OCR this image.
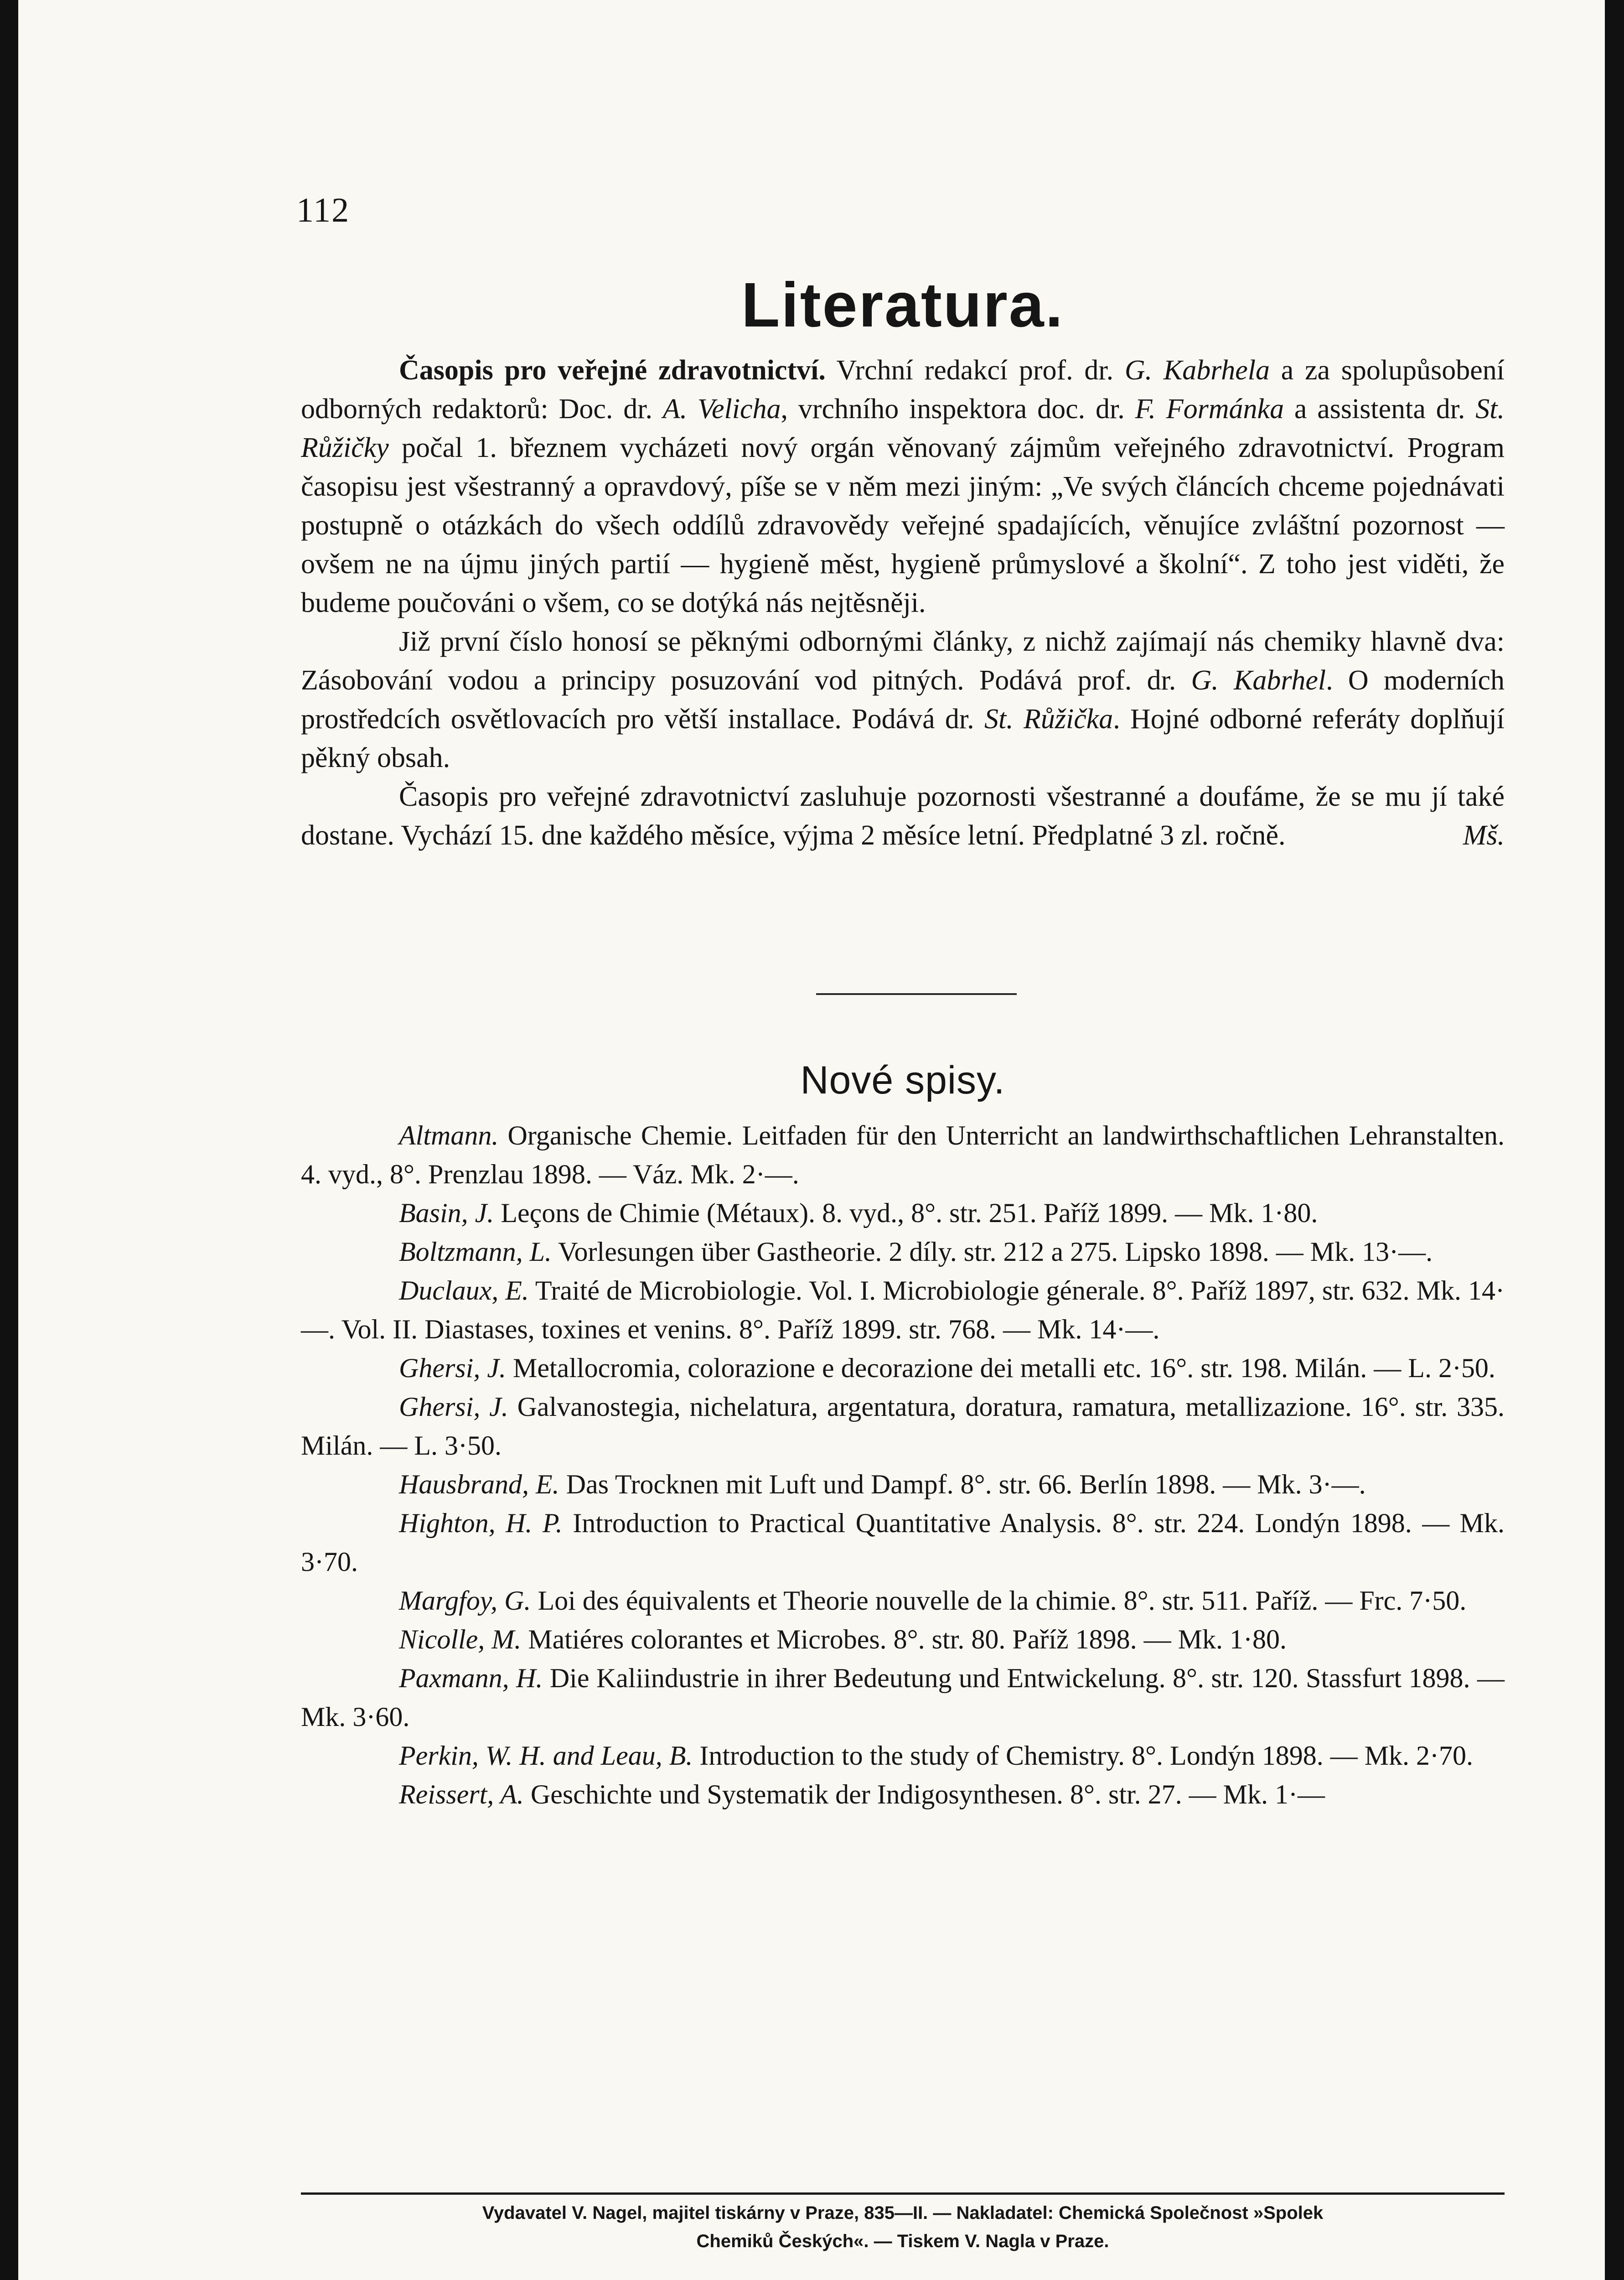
112
Literatura.

Časopis pro veřejné zdravotnictví. Vrchní redakcí prof. dr. G. Kabrhela a za spolupůsobení odborných redaktorů: Doc. dr. A. Velicha, vrchního inspektora doc. dr. F. Formánka a assistenta dr. St. Růžičky počal 1. březnem vycházeti nový orgán věnovaný zájmům veřejného zdravotnictví. Program časopisu jest všestranný a opravdový, píše se v něm mezi jiným: „Ve svých článcích chceme pojednávati postupně o otázkách do všech oddílů zdravovědy veřejné spadajících, věnujíce zvláštní pozornost — ovšem ne na újmu jiných partií — hygieně měst, hygieně průmyslové a školní“. Z toho jest viděti, že budeme poučováni o všem, co se dotýká nás nejtěsněji.

Již první číslo honosí se pěknými odbornými články, z nichž zajímají nás chemiky hlavně dva: Zásobování vodou a principy posuzování vod pitných. Podává prof. dr. G. Kabrhel. O moderních prostředcích osvětlovacích pro větší installace. Podává dr. St. Růžička. Hojné odborné referáty doplňují pěkný obsah.

Časopis pro veřejné zdravotnictví zasluhuje pozornosti všestranné a doufáme, že se mu jí také dostane. Vychází 15. dne každého měsíce, výjma 2 měsíce letní. Předplatné 3 zl. ročně.	Mš.

Nové spisy.

Altmann. Organische Chemie. Leitfaden für den Unterricht an landwirthschaftlichen Lehranstalten. 4. vyd., 8°. Prenzlau 1898. — Váz. Mk. 2·—.

Basin, J. Leçons de Chimie (Métaux). 8. vyd., 8°. str. 251. Paříž 1899. — Mk. 1·80.

Boltzmann, L. Vorlesungen über Gastheorie. 2 díly. str. 212 a 275. Lipsko 1898. — Mk. 13·—.

Duclaux, E. Traité de Microbiologie. Vol. I. Microbiologie génerale. 8°. Paříž 1897, str. 632. Mk. 14·—. Vol. II. Diastases, toxines et venins. 8°. Paříž 1899. str. 768. — Mk. 14·—.

Ghersi, J. Metallocromia, colorazione e decorazione dei metalli etc. 16°. str. 198. Milán. — L. 2·50.

Ghersi, J. Galvanostegia, nichelatura, argentatura, doratura, ramatura, metallizazione. 16°. str. 335. Milán. — L. 3·50.

Hausbrand, E. Das Trocknen mit Luft und Dampf. 8°. str. 66. Berlín 1898. — Mk. 3·—.

Highton, H. P. Introduction to Practical Quantitative Analysis. 8°. str. 224. Londýn 1898. — Mk. 3·70.

Margfoy, G. Loi des équivalents et Theorie nouvelle de la chimie. 8°. str. 511. Paříž. — Frc. 7·50.

Nicolle, M. Matiéres colorantes et Microbes. 8°. str. 80. Paříž 1898. — Mk. 1·80.

Paxmann, H. Die Kaliindustrie in ihrer Bedeutung und Entwickelung. 8°. str. 120. Stassfurt 1898. — Mk. 3·60.

Perkin, W. H. and Leau, B. Introduction to the study of Chemistry. 8°. Londýn 1898. — Mk. 2·70.

Reissert, A. Geschichte und Systematik der Indigosynthesen. 8°. str. 27. — Mk. 1·—

Vydavatel V. Nagel, majitel tiskárny v Praze, 835—II. — Nakladatel: Chemická Společnost »Spolek
Chemiků Českých«. — Tiskem V. Nagla v Praze.
